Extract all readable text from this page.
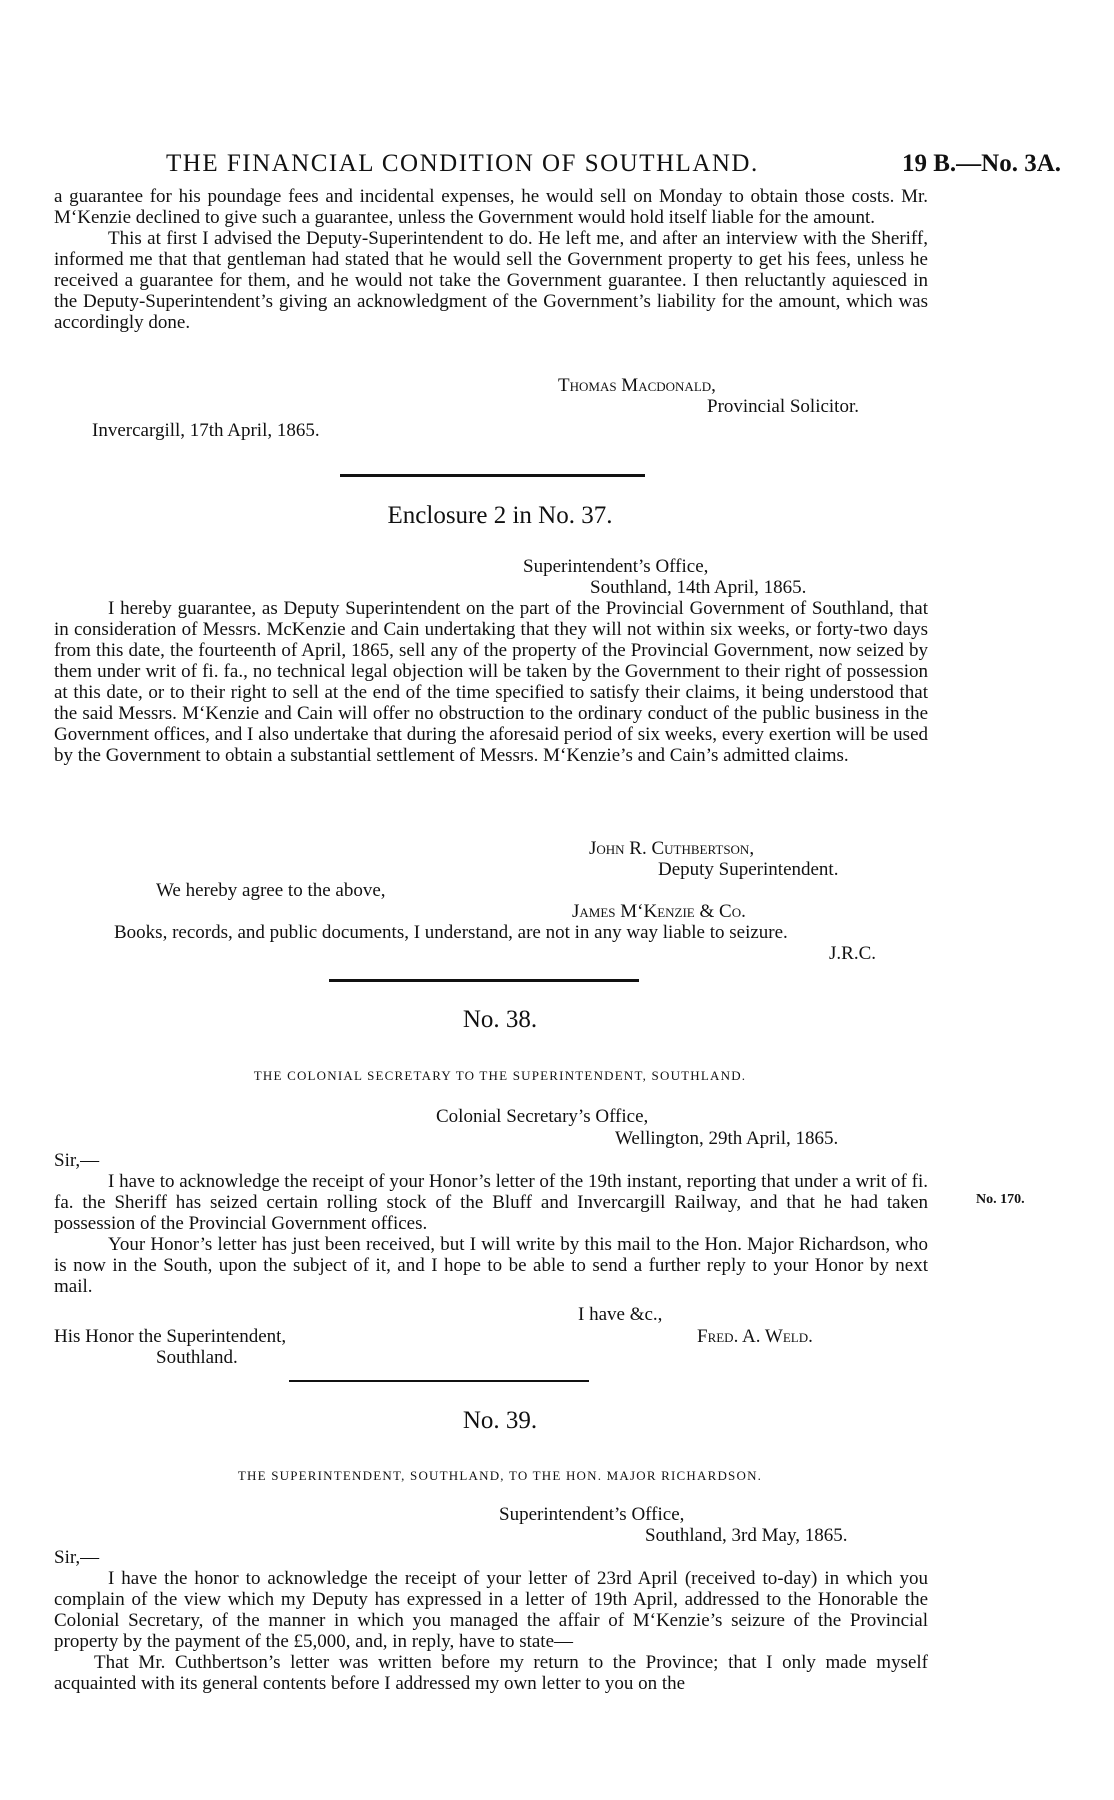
THE FINANCIAL CONDITION OF SOUTHLAND.	19 B.—No. 3A.

a guarantee for his poundage fees and incidental expenses, he would sell on Monday to obtain those costs. Mr. M‘Kenzie declined to give such a guarantee, unless the Government would hold itself liable for the amount.

This at first I advised the Deputy-Superintendent to do. He left me, and after an interview with the Sheriff, informed me that that gentleman had stated that he would sell the Government property to get his fees, unless he received a guarantee for them, and he would not take the Government guarantee. I then reluctantly aquiesced in the Deputy-Superintendent’s giving an acknowledgment of the Government’s liability for the amount, which was accordingly done.

Thomas Macdonald,
Provincial Solicitor.
Invercargill, 17th April, 1865.
Enclosure 2 in No. 37.
Superintendent’s Office,
Southland, 14th April, 1865.

I hereby guarantee, as Deputy Superintendent on the part of the Provincial Government of Southland, that in consideration of Messrs. McKenzie and Cain undertaking that they will not within six weeks, or forty-two days from this date, the fourteenth of April, 1865, sell any of the property of the Provincial Government, now seized by them under writ of fi. fa., no technical legal objection will be taken by the Government to their right of possession at this date, or to their right to sell at the end of the time specified to satisfy their claims, it being understood that the said Messrs. M‘Kenzie and Cain will offer no obstruction to the ordinary conduct of the public business in the Government offices, and I also undertake that during the aforesaid period of six weeks, every exertion will be used by the Government to obtain a substantial settlement of Messrs. M‘Kenzie’s and Cain’s admitted claims.

John R. Cuthbertson,
Deputy Superintendent.
We hereby agree to the above,
James M‘Kenzie & Co.
Books, records, and public documents, I understand, are not in any way liable to seizure.
J.R.C.
No. 38.
THE COLONIAL SECRETARY TO THE SUPERINTENDENT, SOUTHLAND.
Colonial Secretary’s Office,
Wellington, 29th April, 1865.
Sir,—

I have to acknowledge the receipt of your Honor’s letter of the 19th instant, reporting that under a writ of fi. fa. the Sheriff has seized certain rolling stock of the Bluff and Invercargill Railway, and that he had taken possession of the Provincial Government offices.

Your Honor’s letter has just been received, but I will write by this mail to the Hon. Major Richardson, who is now in the South, upon the subject of it, and I hope to be able to send a further reply to your Honor by next mail.

No. 170.
I have &c.,
His Honor the Superintendent,	Fred. A. Weld.
Southland.
No. 39.
THE SUPERINTENDENT, SOUTHLAND, TO THE HON. MAJOR RICHARDSON.
Superintendent’s Office,
Southland, 3rd May, 1865.
Sir,—

I have the honor to acknowledge the receipt of your letter of 23rd April (received to-day) in which you complain of the view which my Deputy has expressed in a letter of 19th April, addressed to the Honorable the Colonial Secretary, of the manner in which you managed the affair of M‘Kenzie’s seizure of the Provincial property by the payment of the £5,000, and, in reply, have to state—

That Mr. Cuthbertson’s letter was written before my return to the Province; that I only made myself acquainted with its general contents before I addressed my own letter to you on the
